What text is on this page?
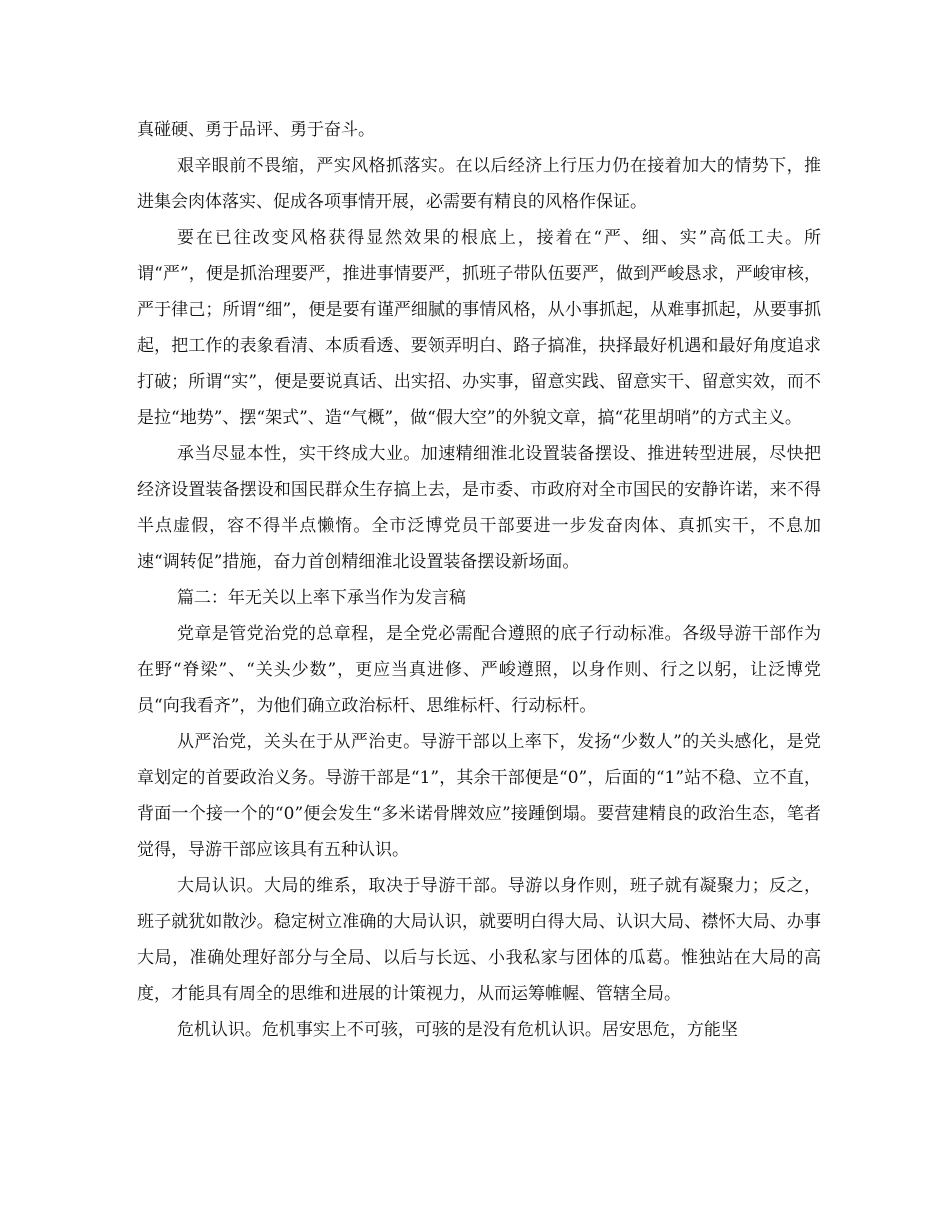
真碰硬、勇于品评、勇于奋斗。

艰辛眼前不畏缩，严实风格抓落实。在以后经济上行压力仍在接着加大的情势下，推进集会肉体落实、促成各项事情开展，必需要有精良的风格作保证。

要在已往改变风格获得显然效果的根底上，接着在“严、细、实”高低工夫。所谓“严”，便是抓治理要严，推进事情要严，抓班子带队伍要严，做到严峻恳求，严峻审核，严于律己；所谓“细”，便是要有谨严细腻的事情风格，从小事抓起，从难事抓起，从要事抓起，把工作的表象看清、本质看透、要领弄明白、路子搞准，抉择最好机遇和最好角度追求打破；所谓“实”，便是要说真话、出实招、办实事，留意实践、留意实干、留意实效，而不是拉“地势”、摆“架式”、造“气概”，做“假大空”的外貌文章，搞“花里胡哨”的方式主义。

承当尽显本性，实干终成大业。加速精细淮北设置装备摆设、推进转型进展，尽快把经济设置装备摆设和国民群众生存搞上去，是市委、市政府对全市国民的安静许诺，来不得半点虚假，容不得半点懒惰。全市泛博党员干部要进一步发奋肉体、真抓实干，不息加速“调转促”措施，奋力首创精细淮北设置装备摆设新场面。

篇二：年无关以上率下承当作为发言稿

党章是管党治党的总章程，是全党必需配合遵照的底子行动标准。各级导游干部作为在野“脊梁”、“关头少数”，更应当真进修、严峻遵照，以身作则、行之以躬，让泛博党员“向我看齐”，为他们确立政治标杆、思维标杆、行动标杆。

从严治党，关头在于从严治吏。导游干部以上率下，发扬“少数人”的关头感化，是党章划定的首要政治义务。导游干部是“1”，其余干部便是“0”，后面的“1”站不稳、立不直，背面一个接一个的“0”便会发生“多米诺骨牌效应”接踵倒塌。要营建精良的政治生态，笔者觉得，导游干部应该具有五种认识。

大局认识。大局的维系，取决于导游干部。导游以身作则，班子就有凝聚力；反之，班子就犹如散沙。稳定树立准确的大局认识，就要明白得大局、认识大局、襟怀大局、办事大局，准确处理好部分与全局、以后与长远、小我私家与团体的瓜葛。惟独站在大局的高度，才能具有周全的思维和进展的计策视力，从而运筹帷幄、管辖全局。

危机认识。危机事实上不可骇，可骇的是没有危机认识。居安思危，方能坚
